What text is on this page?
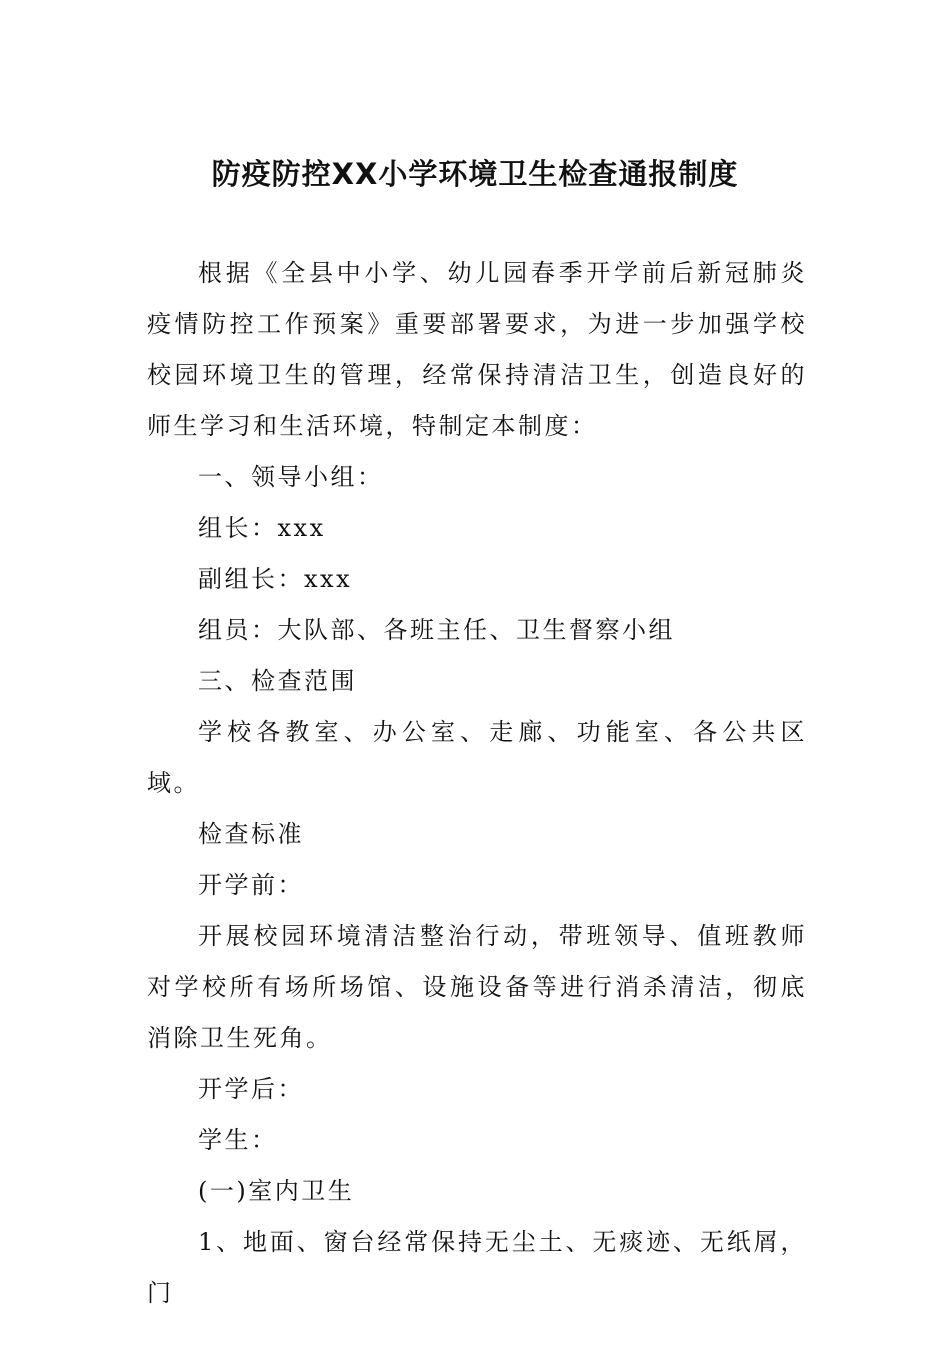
防疫防控XX小学环境卫生检查通报制度

根据《全县中小学、幼儿园春季开学前后新冠肺炎疫情防控工作预案》重要部署要求，为进一步加强学校校园环境卫生的管理，经常保持清洁卫生，创造良好的师生学习和生活环境，特制定本制度：

一、领导小组：

组长：xxx

副组长：xxx

组员：大队部、各班主任、卫生督察小组

三、检查范围

学校各教室、办公室、走廊、功能室、各公共区域。

检查标准

开学前：

开展校园环境清洁整治行动，带班领导、值班教师对学校所有场所场馆、设施设备等进行消杀清洁，彻底消除卫生死角。

开学后：

学生：

(一)室内卫生

1、地面、窗台经常保持无尘土、无痰迹、无纸屑，门
